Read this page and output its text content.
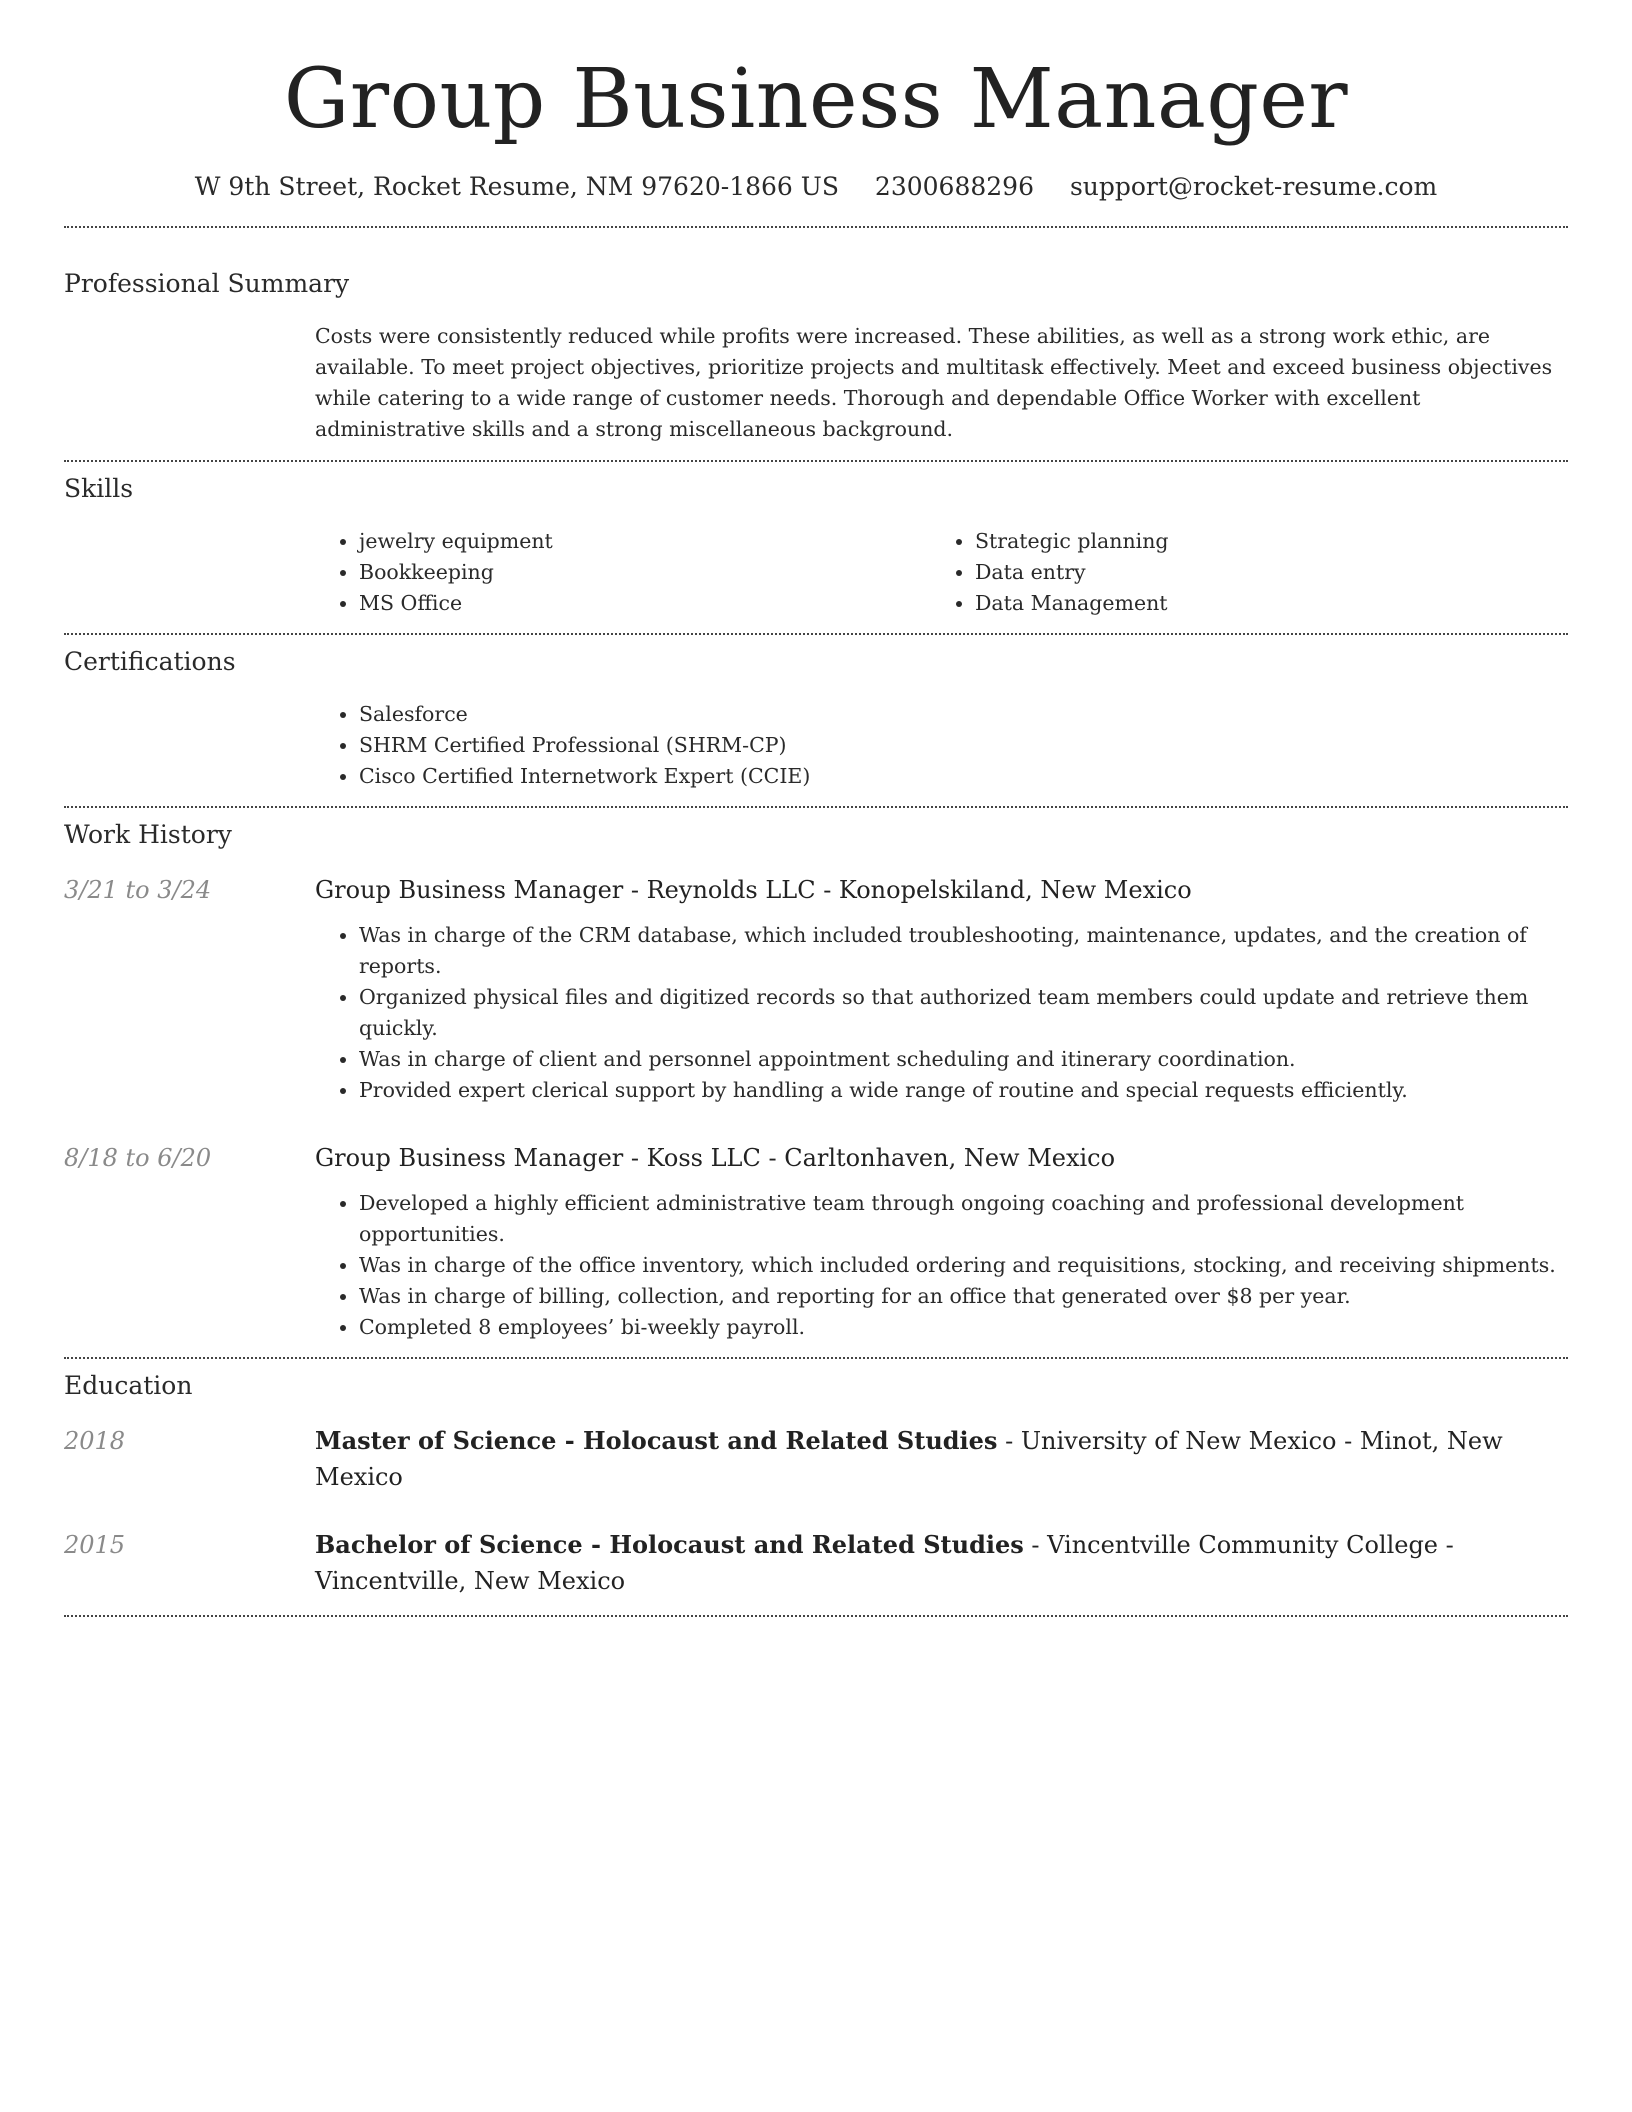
Group Business Manager
W 9th Street, Rocket Resume, NM 97620-1866 US 2300688296 support@rocket-resume.com
Professional Summary

Costs were consistently reduced while profits were increased. These abilities, as well as a strong work ethic, are available. To meet project objectives, prioritize projects and multitask effectively. Meet and exceed business objectives while catering to a wide range of customer needs. Thorough and dependable Office Worker with excellent administrative skills and a strong miscellaneous background.

Skills
• jewelry equipment
• Bookkeeping
• MS Office
• Strategic planning
• Data entry
• Data Management
Certifications
• Salesforce
• SHRM Certified Professional (SHRM-CP)
• Cisco Certified Internetwork Expert (CCIE)
Work History
3/21 to 3/24	Group Business Manager - Reynolds LLC - Konopelskiland, New Mexico

• Was in charge of the CRM database, which included troubleshooting, maintenance, updates, and the creation of reports.
• Organized physical files and digitized records so that authorized team members could update and retrieve them quickly.
• Was in charge of client and personnel appointment scheduling and itinerary coordination.
• Provided expert clerical support by handling a wide range of routine and special requests efficiently.
8/18 to 6/20	Group Business Manager - Koss LLC - Carltonhaven, New Mexico

• Developed a highly efficient administrative team through ongoing coaching and professional development opportunities.
• Was in charge of the office inventory, which included ordering and requisitions, stocking, and receiving shipments.
• Was in charge of billing, collection, and reporting for an office that generated over $8 per year.
• Completed 8 employees’ bi-weekly payroll.
Education
2018	Master of Science - Holocaust and Related Studies - University of New Mexico - Minot, New Mexico

2015	Bachelor of Science - Holocaust and Related Studies - Vincentville Community College - Vincentville, New Mexico
